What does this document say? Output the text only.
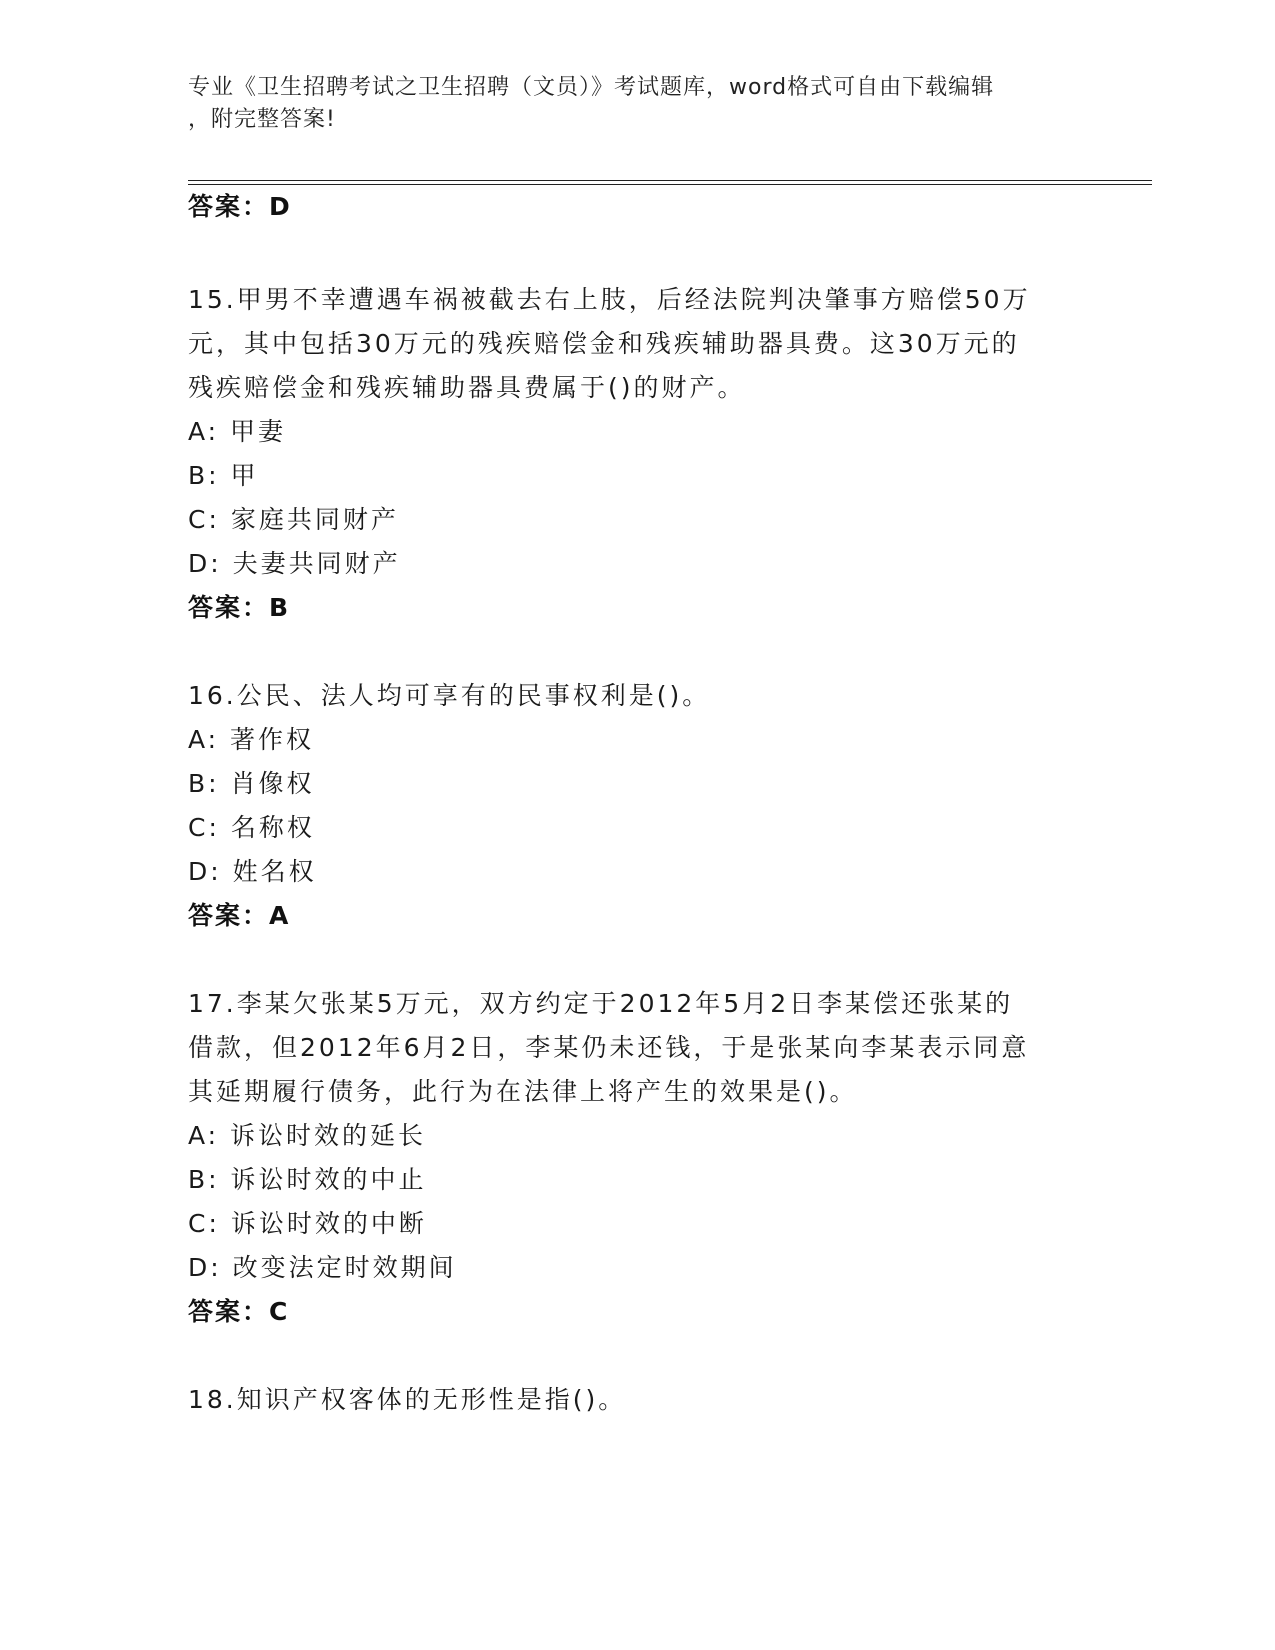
专业《卫生招聘考试之卫生招聘（文员）》考试题库，word格式可自由下载编辑
，附完整答案!
答案：D
15.甲男不幸遭遇车祸被截去右上肢，后经法院判决肇事方赔偿50万
元，其中包括30万元的残疾赔偿金和残疾辅助器具费。这30万元的
残疾赔偿金和残疾辅助器具费属于()的财产。
A: 甲妻
B: 甲
C: 家庭共同财产
D: 夫妻共同财产
答案：B
16.公民、法人均可享有的民事权利是()。
A: 著作权
B: 肖像权
C: 名称权
D: 姓名权
答案：A
17.李某欠张某5万元，双方约定于2012年5月2日李某偿还张某的
借款，但2012年6月2日，李某仍未还钱，于是张某向李某表示同意
其延期履行债务，此行为在法律上将产生的效果是()。
A: 诉讼时效的延长
B: 诉讼时效的中止
C: 诉讼时效的中断
D: 改变法定时效期间
答案：C
18.知识产权客体的无形性是指()。
